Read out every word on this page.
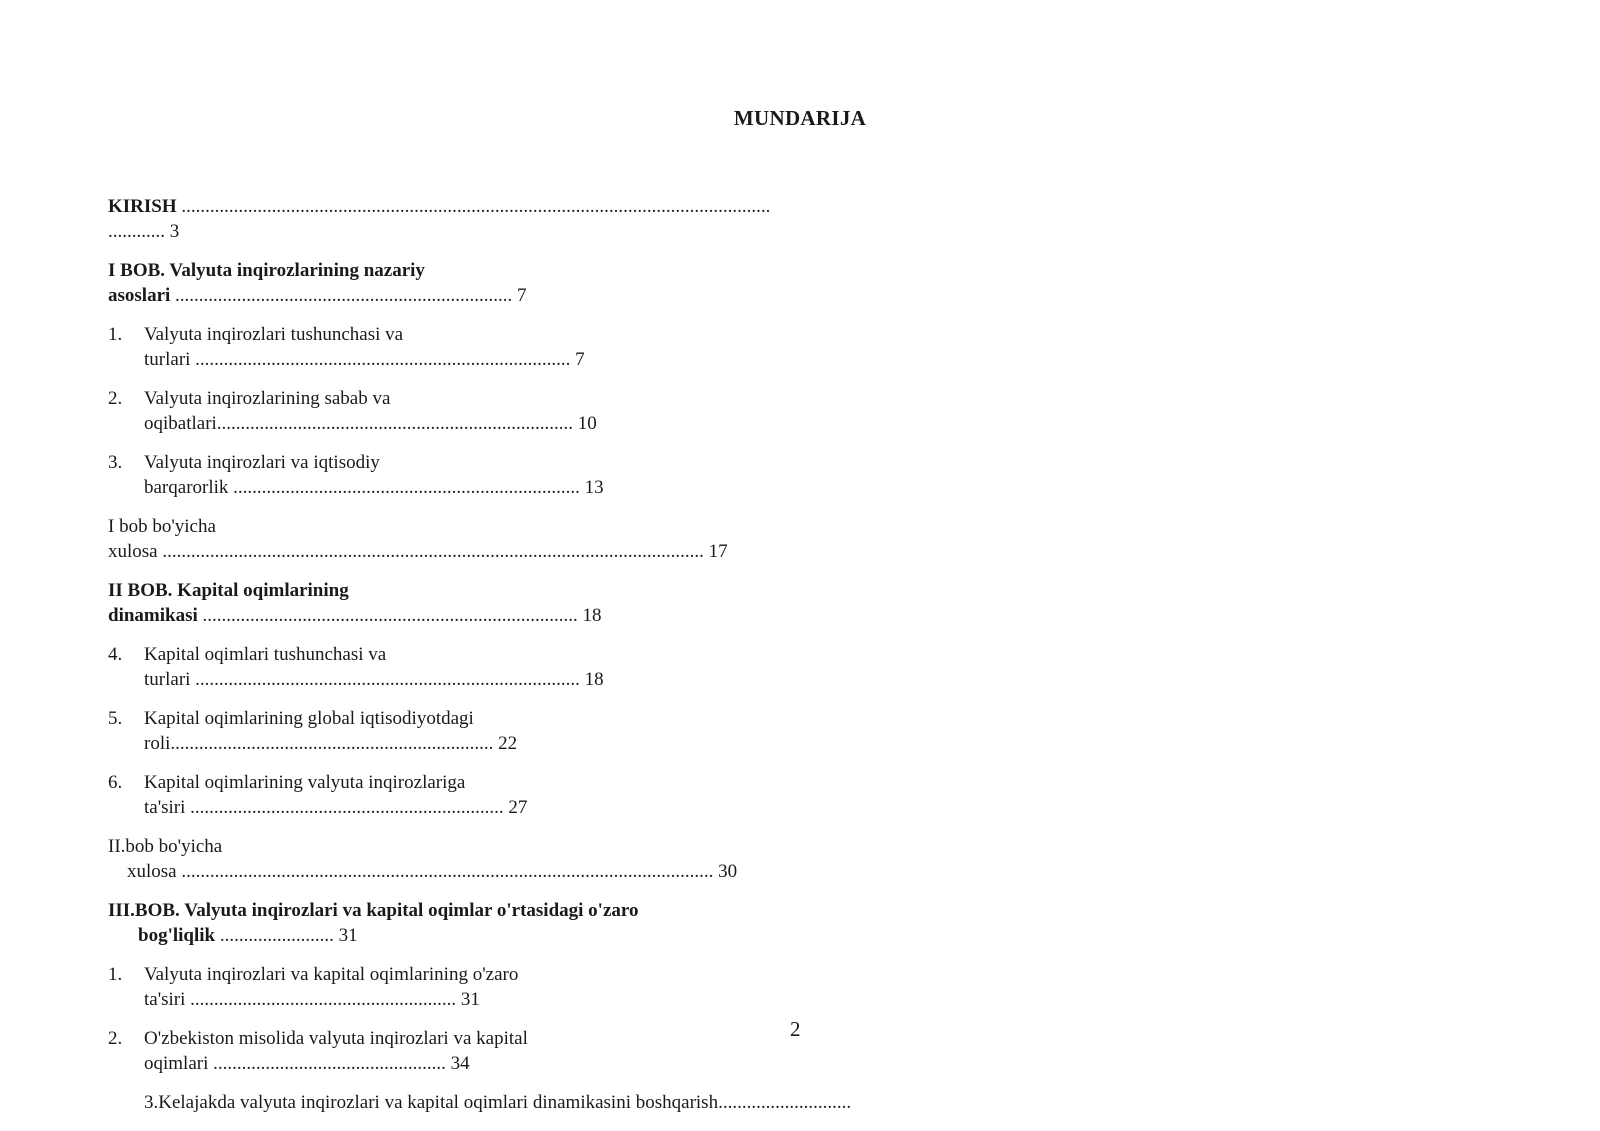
MUNDARIJA
KIRISH ............................................................................................................................
............ 3
I BOB. Valyuta inqirozlarining nazariy
asoslari ....................................................................... 7
1. Valyuta inqirozlari tushunchasi va
turlari ............................................................................... 7
2. Valyuta inqirozlarining sabab va
oqibatlari........................................................................... 10
3. Valyuta inqirozlari va iqtisodiy
barqarorlik ......................................................................... 13
I bob bo'yicha
xulosa .................................................................................................................. 17
II BOB. Kapital oqimlarining
dinamikasi ............................................................................... 18
4. Kapital oqimlari tushunchasi va
turlari ................................................................................. 18
5. Kapital oqimlarining global iqtisodiyotdagi
roli.................................................................... 22
6. Kapital oqimlarining valyuta inqirozlariga
ta'siri .................................................................. 27
II.bob bo'yicha
xulosa ................................................................................................................ 30
III.BOB. Valyuta inqirozlari va kapital oqimlar o'rtasidagi o'zaro
bog'liqlik ........................ 31
1. Valyuta inqirozlari va kapital oqimlarining o'zaro
ta'siri ........................................................ 31
2. O'zbekiston misolida valyuta inqirozlari va kapital
oqimlari ................................................. 34
3.Kelajakda valyuta inqirozlari va kapital oqimlari dinamikasini boshqarish............................
2
